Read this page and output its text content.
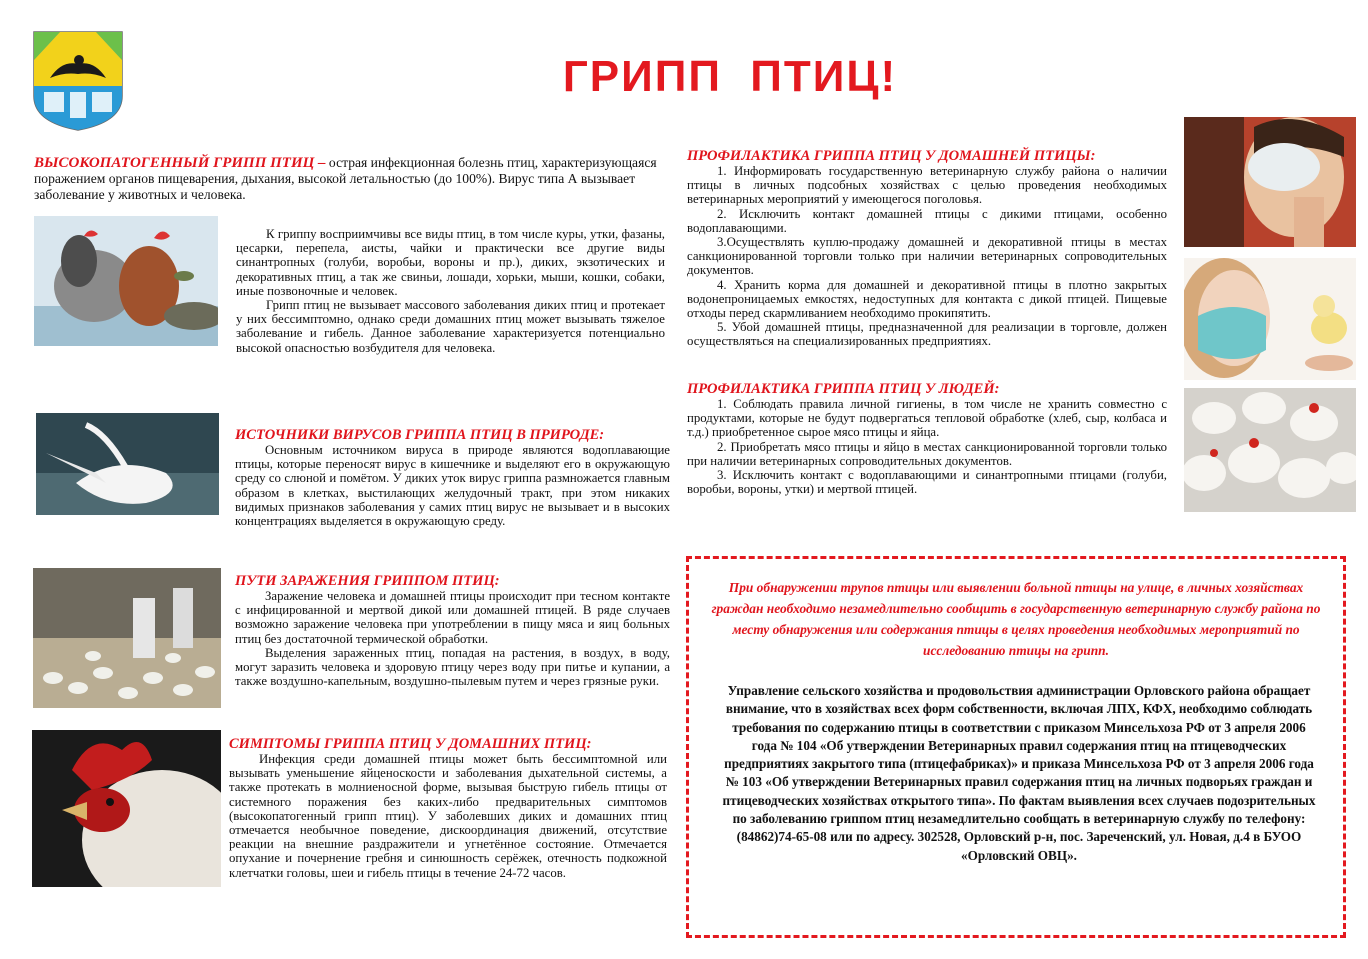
ГРИПП ПТИЦ!

ВЫСОКОПАТОГЕННЫЙ ГРИПП ПТИЦ – острая инфекционная болезнь птиц, характеризующаяся поражением органов пищеварения, дыхания, высокой летальностью (до 100%). Вирус типа А вызывает заболевание у животных и человека.

К гриппу восприимчивы все виды птиц, в том числе куры, утки, фазаны, цесарки, перепела, аисты, чайки и практически все другие виды синантропных (голуби, воробьи, вороны и пр.), диких, экзотических и декоративных птиц, а так же свиньи, лошади, хорьки, мыши, кошки, собаки, иные позвоночные и человек.

Грипп птиц не вызывает массового заболевания диких птиц и протекает у них бессимптомно, однако среди домашних птиц может вызывать тяжелое заболевание и гибель. Данное заболевание характеризуется потенциально высокой опасностью возбудителя для человека.

ИСТОЧНИКИ ВИРУСОВ ГРИППА ПТИЦ В ПРИРОДЕ:

Основным источником вируса в природе являются водоплавающие птицы, которые переносят вирус в кишечнике и выделяют его в окружающую среду со слюной и помётом. У диких уток вирус гриппа размножается главным образом в клетках, выстилающих желудочный тракт, при этом никаких видимых признаков заболевания у самих птиц вирус не вызывает и в высоких концентрациях выделяется в окружающую среду.

ПУТИ ЗАРАЖЕНИЯ ГРИППОМ ПТИЦ:

Заражение человека и домашней птицы происходит при тесном контакте с инфицированной и мертвой дикой или домашней птицей. В ряде случаев возможно заражение человека при употреблении в пищу мяса и яиц больных птиц без достаточной термической обработки.

Выделения зараженных птиц, попадая на растения, в воздух, в воду, могут заразить человека и здоровую птицу через воду при питье и купании, а также воздушно-капельным, воздушно-пылевым путем и через грязные руки.

СИМПТОМЫ ГРИППА ПТИЦ У ДОМАШНИХ ПТИЦ:

Инфекция среди домашней птицы может быть бессимптомной или вызывать уменьшение яйценоскости и заболевания дыхательной системы, а также протекать в молниеносной форме, вызывая быструю гибель птицы от системного поражения без каких-либо предварительных симптомов (высокопатогенный грипп птиц). У заболевших диких и домашних птиц отмечается необычное поведение, дискоординация движений, отсутствие реакции на внешние раздражители и угнетённое состояние. Отмечается опухание и почернение гребня и синюшность серёжек, отечность подкожной клетчатки головы, шеи и гибель птицы в течение 24-72 часов.

ПРОФИЛАКТИКА ГРИППА ПТИЦ У ДОМАШНЕЙ ПТИЦЫ:

1. Информировать государственную ветеринарную службу района о наличии птицы в личных подсобных хозяйствах с целью проведения необходимых ветеринарных мероприятий у имеющегося поголовья.

2. Исключить контакт домашней птицы с дикими птицами, особенно водоплавающими.

3.Осуществлять куплю-продажу домашней и декоративной птицы в местах санкционированной торговли только при наличии ветеринарных сопроводительных документов.

4. Хранить корма для домашней и декоративной птицы в плотно закрытых водонепроницаемых емкостях, недоступных для контакта с дикой птицей. Пищевые отходы перед скармливанием необходимо прокипятить.

5. Убой домашней птицы, предназначенной для реализации в торговле, должен осуществляться на специализированных предприятиях.

ПРОФИЛАКТИКА ГРИППА ПТИЦ У ЛЮДЕЙ:

1. Соблюдать правила личной гигиены, в том числе не хранить совместно с продуктами, которые не будут подвергаться тепловой обработке (хлеб, сыр, колбаса и т.д.) приобретенное сырое мясо птицы и яйца.

2. Приобретать мясо птицы и яйцо в местах санкционированной торговли только при наличии ветеринарных сопроводительных документов.

3. Исключить контакт с водоплавающими и синантропными птицами (голуби, воробьи, вороны, утки) и мертвой птицей.

При обнаружении трупов птицы или выявлении больной птицы на улице, в личных хозяйствах граждан необходимо незамедлительно сообщить в государственную ветеринарную службу района по месту обнаружения или содержания птицы в целях проведения необходимых мероприятий по исследованию птицы на грипп.

Управление сельского хозяйства и продовольствия администрации Орловского района обращает внимание, что в хозяйствах всех форм собственности, включая ЛПХ, КФХ, необходимо соблюдать требования по содержанию птицы в соответствии с приказом Минсельхоза РФ от 3 апреля 2006 года № 104 «Об утверждении Ветеринарных правил содержания птиц на птицеводческих предприятиях закрытого типа (птицефабриках)» и приказа Минсельхоза РФ от 3 апреля 2006 года № 103 «Об утверждении Ветеринарных правил содержания птиц на личных подворьях граждан и птицеводческих хозяйствах открытого типа». По фактам выявления всех случаев подозрительных по заболеванию гриппом птиц незамедлительно сообщать в ветеринарную службу по телефону: (84862)74-65-08 или по адресу. 302528, Орловский р-н, пос. Зареченский, ул. Новая, д.4 в БУОО «Орловский ОВЦ».
